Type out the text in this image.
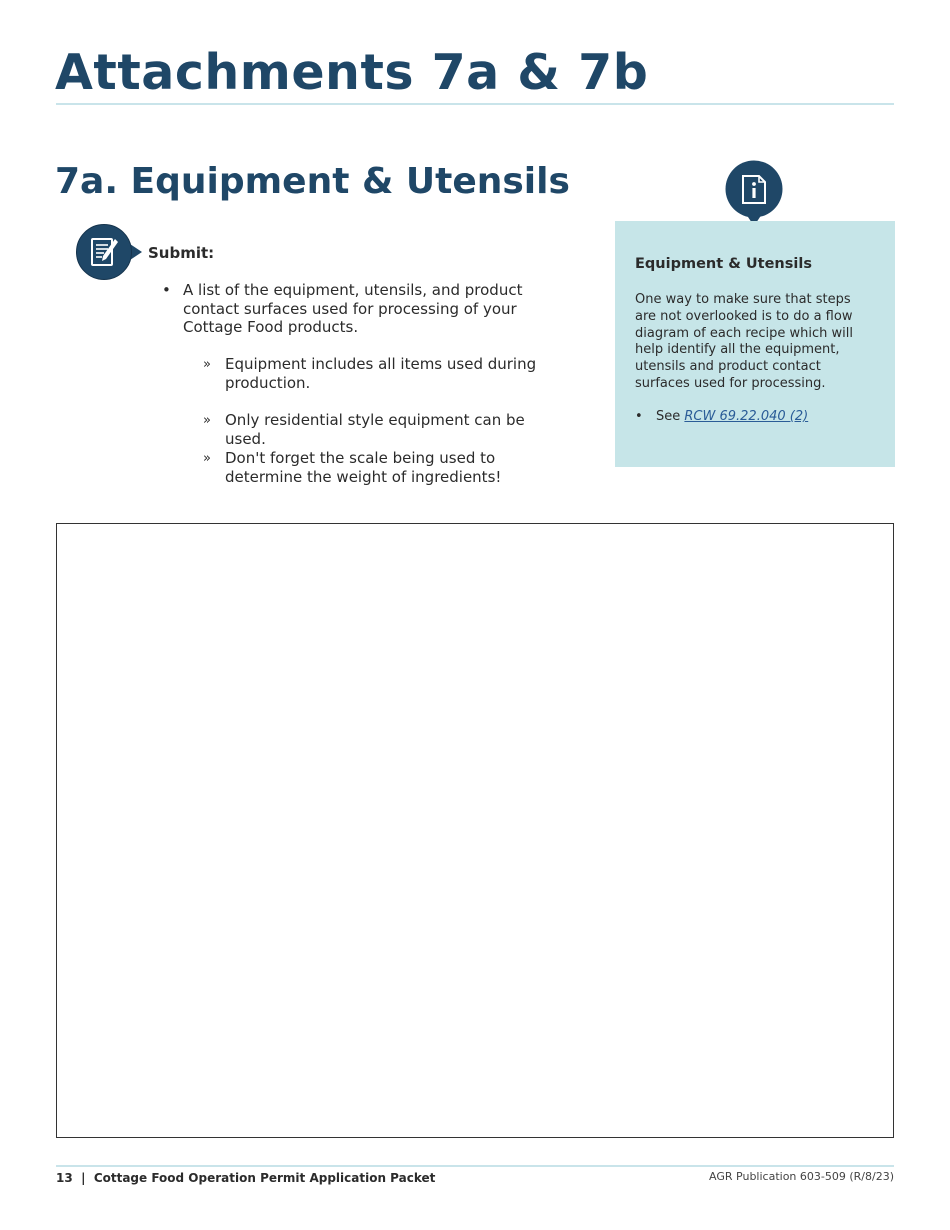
Attachments 7a & 7b
7a. Equipment & Utensils
Submit:
• A list of the equipment, utensils, and product contact surfaces used for processing of your Cottage Food products.
» Equipment includes all items used during production.
» Only residential style equipment can be used.
» Don't forget the scale being used to determine the weight of ingredients!
Equipment & Utensils

One way to make sure that steps are not overlooked is to do a flow diagram of each recipe which will help identify all the equipment, utensils and product contact surfaces used for processing.

•	See RCW 69.22.040 (2)
13 | Cottage Food Operation Permit Application Packet	AGR Publication 603-509 (R/8/23)
